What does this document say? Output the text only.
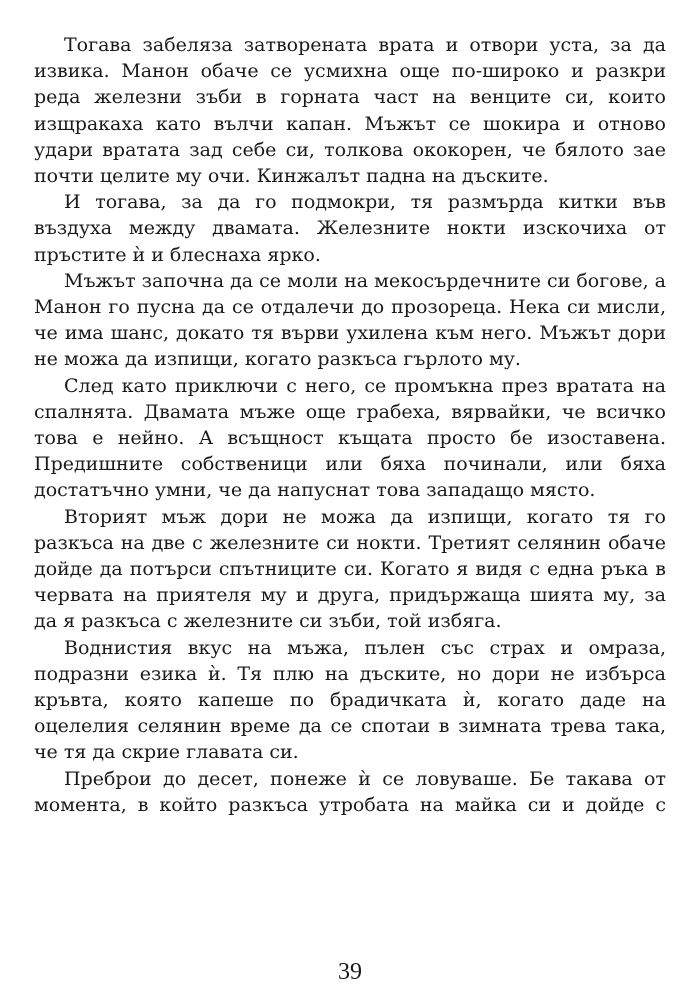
Тогава забеляза затворената врата и отвори уста, за да извика. Манон обаче се усмихна още по-широко и разкри реда железни зъби в горната част на венците си, които изщракаха като вълчи капан. Мъжът се шокира и отново удари вратата зад себе си, толкова ококорен, че бялото зае почти целите му очи. Кинжалът падна на дъските.

И тогава, за да го подмокри, тя размърда китки във въздуха между двамата. Железните нокти изскочиха от пръстите ѝ и блеснаха ярко.

Мъжът започна да се моли на мекосърдечните си богове, а Манон го пусна да се отдалечи до прозореца. Нека си мисли, че има шанс, докато тя върви ухилена към него. Мъжът дори не можа да изпищи, когато разкъса гърлото му.

След като приключи с него, се промъкна през вратата на спалнята. Двамата мъже още грабеха, вярвайки, че всичко това е нейно. А всъщност къщата просто бе изоставена. Предишните собственици или бяха починали, или бяха достатъчно умни, че да напуснат това западащо място.

Вторият мъж дори не можа да изпищи, когато тя го разкъса на две с железните си нокти. Третият селянин обаче дойде да потърси спътниците си. Когато я видя с една ръка в червата на приятеля му и друга, придържаща шията му, за да я разкъса с железните си зъби, той избяга.

Воднистия вкус на мъжа, пълен със страх и омраза, подразни езика ѝ. Тя плю на дъските, но дори не избърса кръвта, която капеше по брадичката ѝ, когато даде на оцелелия селянин време да се спотаи в зимната трева така, че тя да скрие главата си.

Преброи до десет, понеже ѝ се ловуваше. Бе такава от момента, в който разкъса утробата на майка си и дойде с

39
